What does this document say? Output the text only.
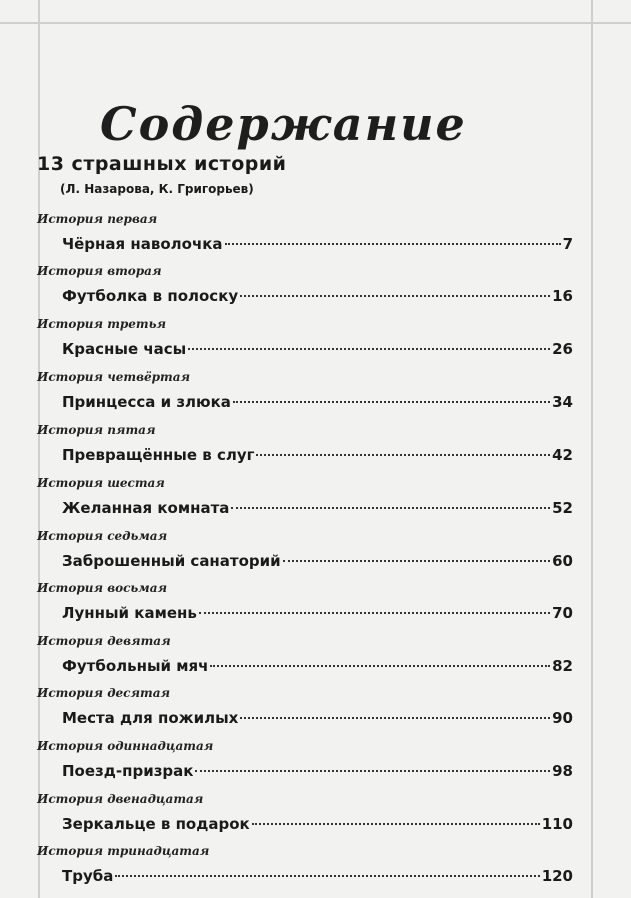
Содержание
13 страшных историй
(Л. Назарова, К. Григорьев)
История первая
Чёрная наволочка	7
История вторая
Футболка в полоску	16
История третья
Красные часы	26
История четвёртая
Принцесса и злюка	34
История пятая
Превращённые в слуг	42
История шестая
Желанная комната	52
История седьмая
Заброшенный санаторий	60
История восьмая
Лунный камень	70
История девятая
Футбольный мяч	82
История десятая
Места для пожилых	90
История одиннадцатая
Поезд-призрак	98
История двенадцатая
Зеркальце в подарок	110
История тринадцатая
Труба	120
